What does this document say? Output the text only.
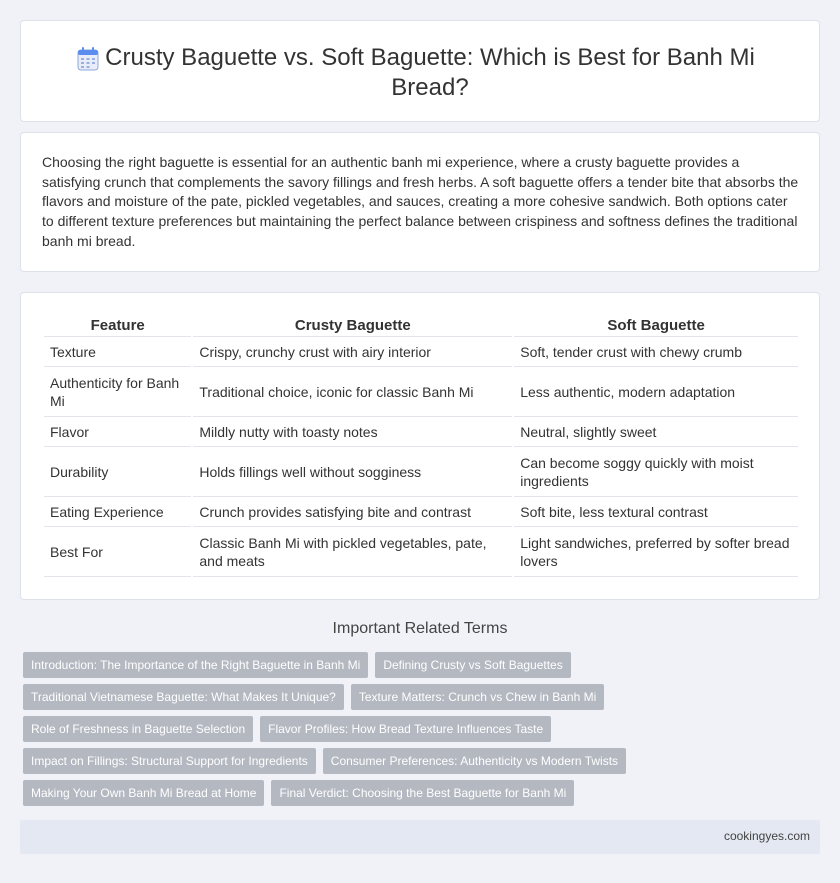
Crusty Baguette vs. Soft Baguette: Which is Best for Banh Mi Bread?

Choosing the right baguette is essential for an authentic banh mi experience, where a crusty baguette provides a satisfying crunch that complements the savory fillings and fresh herbs. A soft baguette offers a tender bite that absorbs the flavors and moisture of the pate, pickled vegetables, and sauces, creating a more cohesive sandwich. Both options cater to different texture preferences but maintaining the perfect balance between crispiness and softness defines the traditional banh mi bread.

Feature	Crusty Baguette	Soft Baguette
Texture	Crispy, crunchy crust with airy interior	Soft, tender crust with chewy crumb
Authenticity for Banh Mi	Traditional choice, iconic for classic Banh Mi	Less authentic, modern adaptation
Flavor	Mildly nutty with toasty notes	Neutral, slightly sweet
Durability	Holds fillings well without sogginess	Can become soggy quickly with moist ingredients
Eating Experience	Crunch provides satisfying bite and contrast	Soft bite, less textural contrast
Best For	Classic Banh Mi with pickled vegetables, pate, and meats	Light sandwiches, preferred by softer bread lovers
Important Related Terms
Introduction: The Importance of the Right Baguette in Banh Mi	Defining Crusty vs Soft Baguettes
Traditional Vietnamese Baguette: What Makes It Unique?	Texture Matters: Crunch vs Chew in Banh Mi
Role of Freshness in Baguette Selection	Flavor Profiles: How Bread Texture Influences Taste
Impact on Fillings: Structural Support for Ingredients	Consumer Preferences: Authenticity vs Modern Twists
Making Your Own Banh Mi Bread at Home	Final Verdict: Choosing the Best Baguette for Banh Mi
cookingyes.com
